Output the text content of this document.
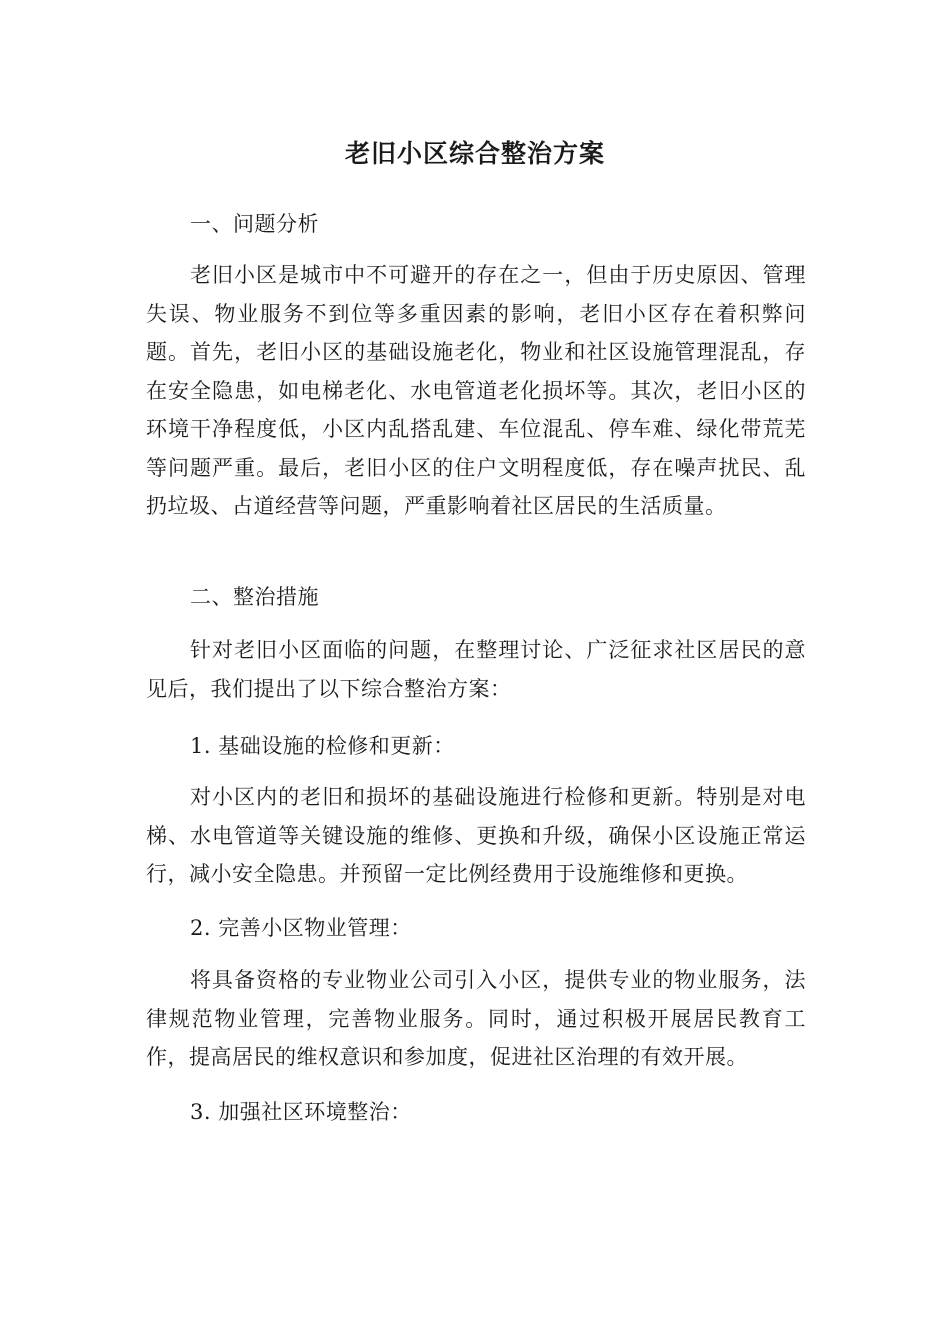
老旧小区综合整治方案

一、问题分析

老旧小区是城市中不可避开的存在之一，但由于历史原因、管理失误、物业服务不到位等多重因素的影响，老旧小区存在着积弊问题。首先，老旧小区的基础设施老化，物业和社区设施管理混乱，存在安全隐患，如电梯老化、水电管道老化损坏等。其次，老旧小区的环境干净程度低，小区内乱搭乱建、车位混乱、停车难、绿化带荒芜等问题严重。最后，老旧小区的住户文明程度低，存在噪声扰民、乱扔垃圾、占道经营等问题，严重影响着社区居民的生活质量。

二、整治措施

针对老旧小区面临的问题，在整理讨论、广泛征求社区居民的意见后，我们提出了以下综合整治方案：

1. 基础设施的检修和更新：

对小区内的老旧和损坏的基础设施进行检修和更新。特别是对电梯、水电管道等关键设施的维修、更换和升级，确保小区设施正常运行，减小安全隐患。并预留一定比例经费用于设施维修和更换。

2. 完善小区物业管理：

将具备资格的专业物业公司引入小区，提供专业的物业服务，法律规范物业管理，完善物业服务。同时，通过积极开展居民教育工作，提高居民的维权意识和参加度，促进社区治理的有效开展。

3. 加强社区环境整治：
